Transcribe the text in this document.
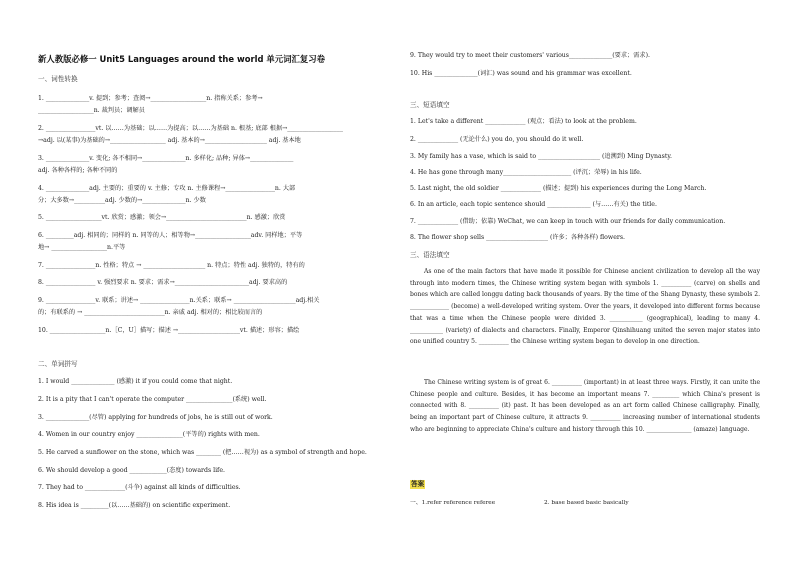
新人教版必修一 Unit5 Languages around the world 单元词汇复习卷
一、词性转换
1. ______________v. 提到；参考；查阅→__________________n. 指称关系；参考→
__________________n. 裁判员；调解员
2. ________________vt. 以……为基础；以……为提高；以……为基础 n. 根基; 底部 根据→__________________
→adj. 以(某事)为基础的→__________________ adj. 基本的→____________________ adj. 基本地
3. ______________v. 变化; 各不相同→______________n. 多样化; 品种; 异体→______________
adj. 各种各样的; 各种不同的
4. ______________adj. 主要的；重要的 v. 主修；专攻 n. 主修课程→________________n. 大部
分；大多数→__________adj. 少数的→______________n. 少数
5. __________________vt. 欣赏；感激；领会→__________________________n. 感激；欣赏
6. _________adj. 相同的；同样的 n. 同等的人；相等物→__________________adv. 同样地；平等
地→ __________________n.平等
7. ________________n. 性格；特点 → ____________________ n. 特点；特性 adj. 独特的，特有的
8. ________________ v. 强烈要求 n. 要求；需求→________________________adj. 要求高的
9. ________________v. 联系；讲述→ ________________n.关系；联系→ ____________________adj.相关
的；有联系的 → __________________________n. 亲戚 adj. 相对的；相比较而言的
10. __________________n.［C，U］描写；描述 →____________________vt. 描述；形容；描绘
二、单词拼写
1. I would ______________ (感激) it if you could come that night.
2. It is a pity that I can't operate the computer _______________(系统) well.
3. ______________(尽管) applying for hundreds of jobs, he is still out of work.
4. Women in our country enjoy _______________(平等的) rights with men.
5. He carved a sunflower on the stone, which was ________ (把……视为) as a symbol of strength and hope.
6. We should develop a good ____________(态度) towards life.
7. They had to _____________(斗争) against all kinds of difficulties.
8. His idea is _________(以……基础的) on scientific experiment.
9. They would try to meet their customers' various______________(要求；需求).
10. His ______________(词汇) was sound and his grammar was excellent.
三、短语填空
1. Let's take a different _____________ (观点；看法) to look at the problem.
2. _____________ (无论什么) you do, you should do it well.
3. My family has a vase, which is said to ____________________ (追溯到) Ming Dynasty.
4. He has gone through many______________________ (评沉；荣辱) in his life.
5. Last night, the old soldier _____________ (描述；提到) his experiences during the Long March.
6. In an article, each topic sentence should ______________ (与……有关) the title.
7. _____________ (借助；依靠) WeChat, we can keep in touch with our friends for daily communication.
8. The flower shop sells ____________________ (许多；各种各样) flowers.
三、语法填空
As one of the main factors that have made it possible for Chinese ancient civilization to develop all the way through into modern times, the Chinese writing system began with symbols 1. __________ (carve) on shells and bones which are called longgu dating back thousands of years. By the time of the Shang Dynasty, these symbols 2. _____________ (become) a well-developed writing system. Over the years, it developed into different forms because that was a time when the Chinese people were divided 3. ___________ (geographical), leading to many 4. ___________ (variety) of dialects and characters. Finally, Emperor Qinshihuang united the seven major states into one unified country 5. __________ the Chinese writing system began to develop in one direction.
The Chinese writing system is of great 6. __________ (important) in at least three ways. Firstly, it can unite the Chinese people and culture. Besides, it has become an important means 7. _________ which China's present is connected with 8. __________ (it) past. It has been developed as an art form called Chinese calligraphy. Finally, being an important part of Chinese culture, it attracts 9. __________ increasing number of international students who are beginning to appreciate China's culture and history through this 10. _______________ (amaze) language.
答案
一、1.refer reference referee	2. base based basic basically
